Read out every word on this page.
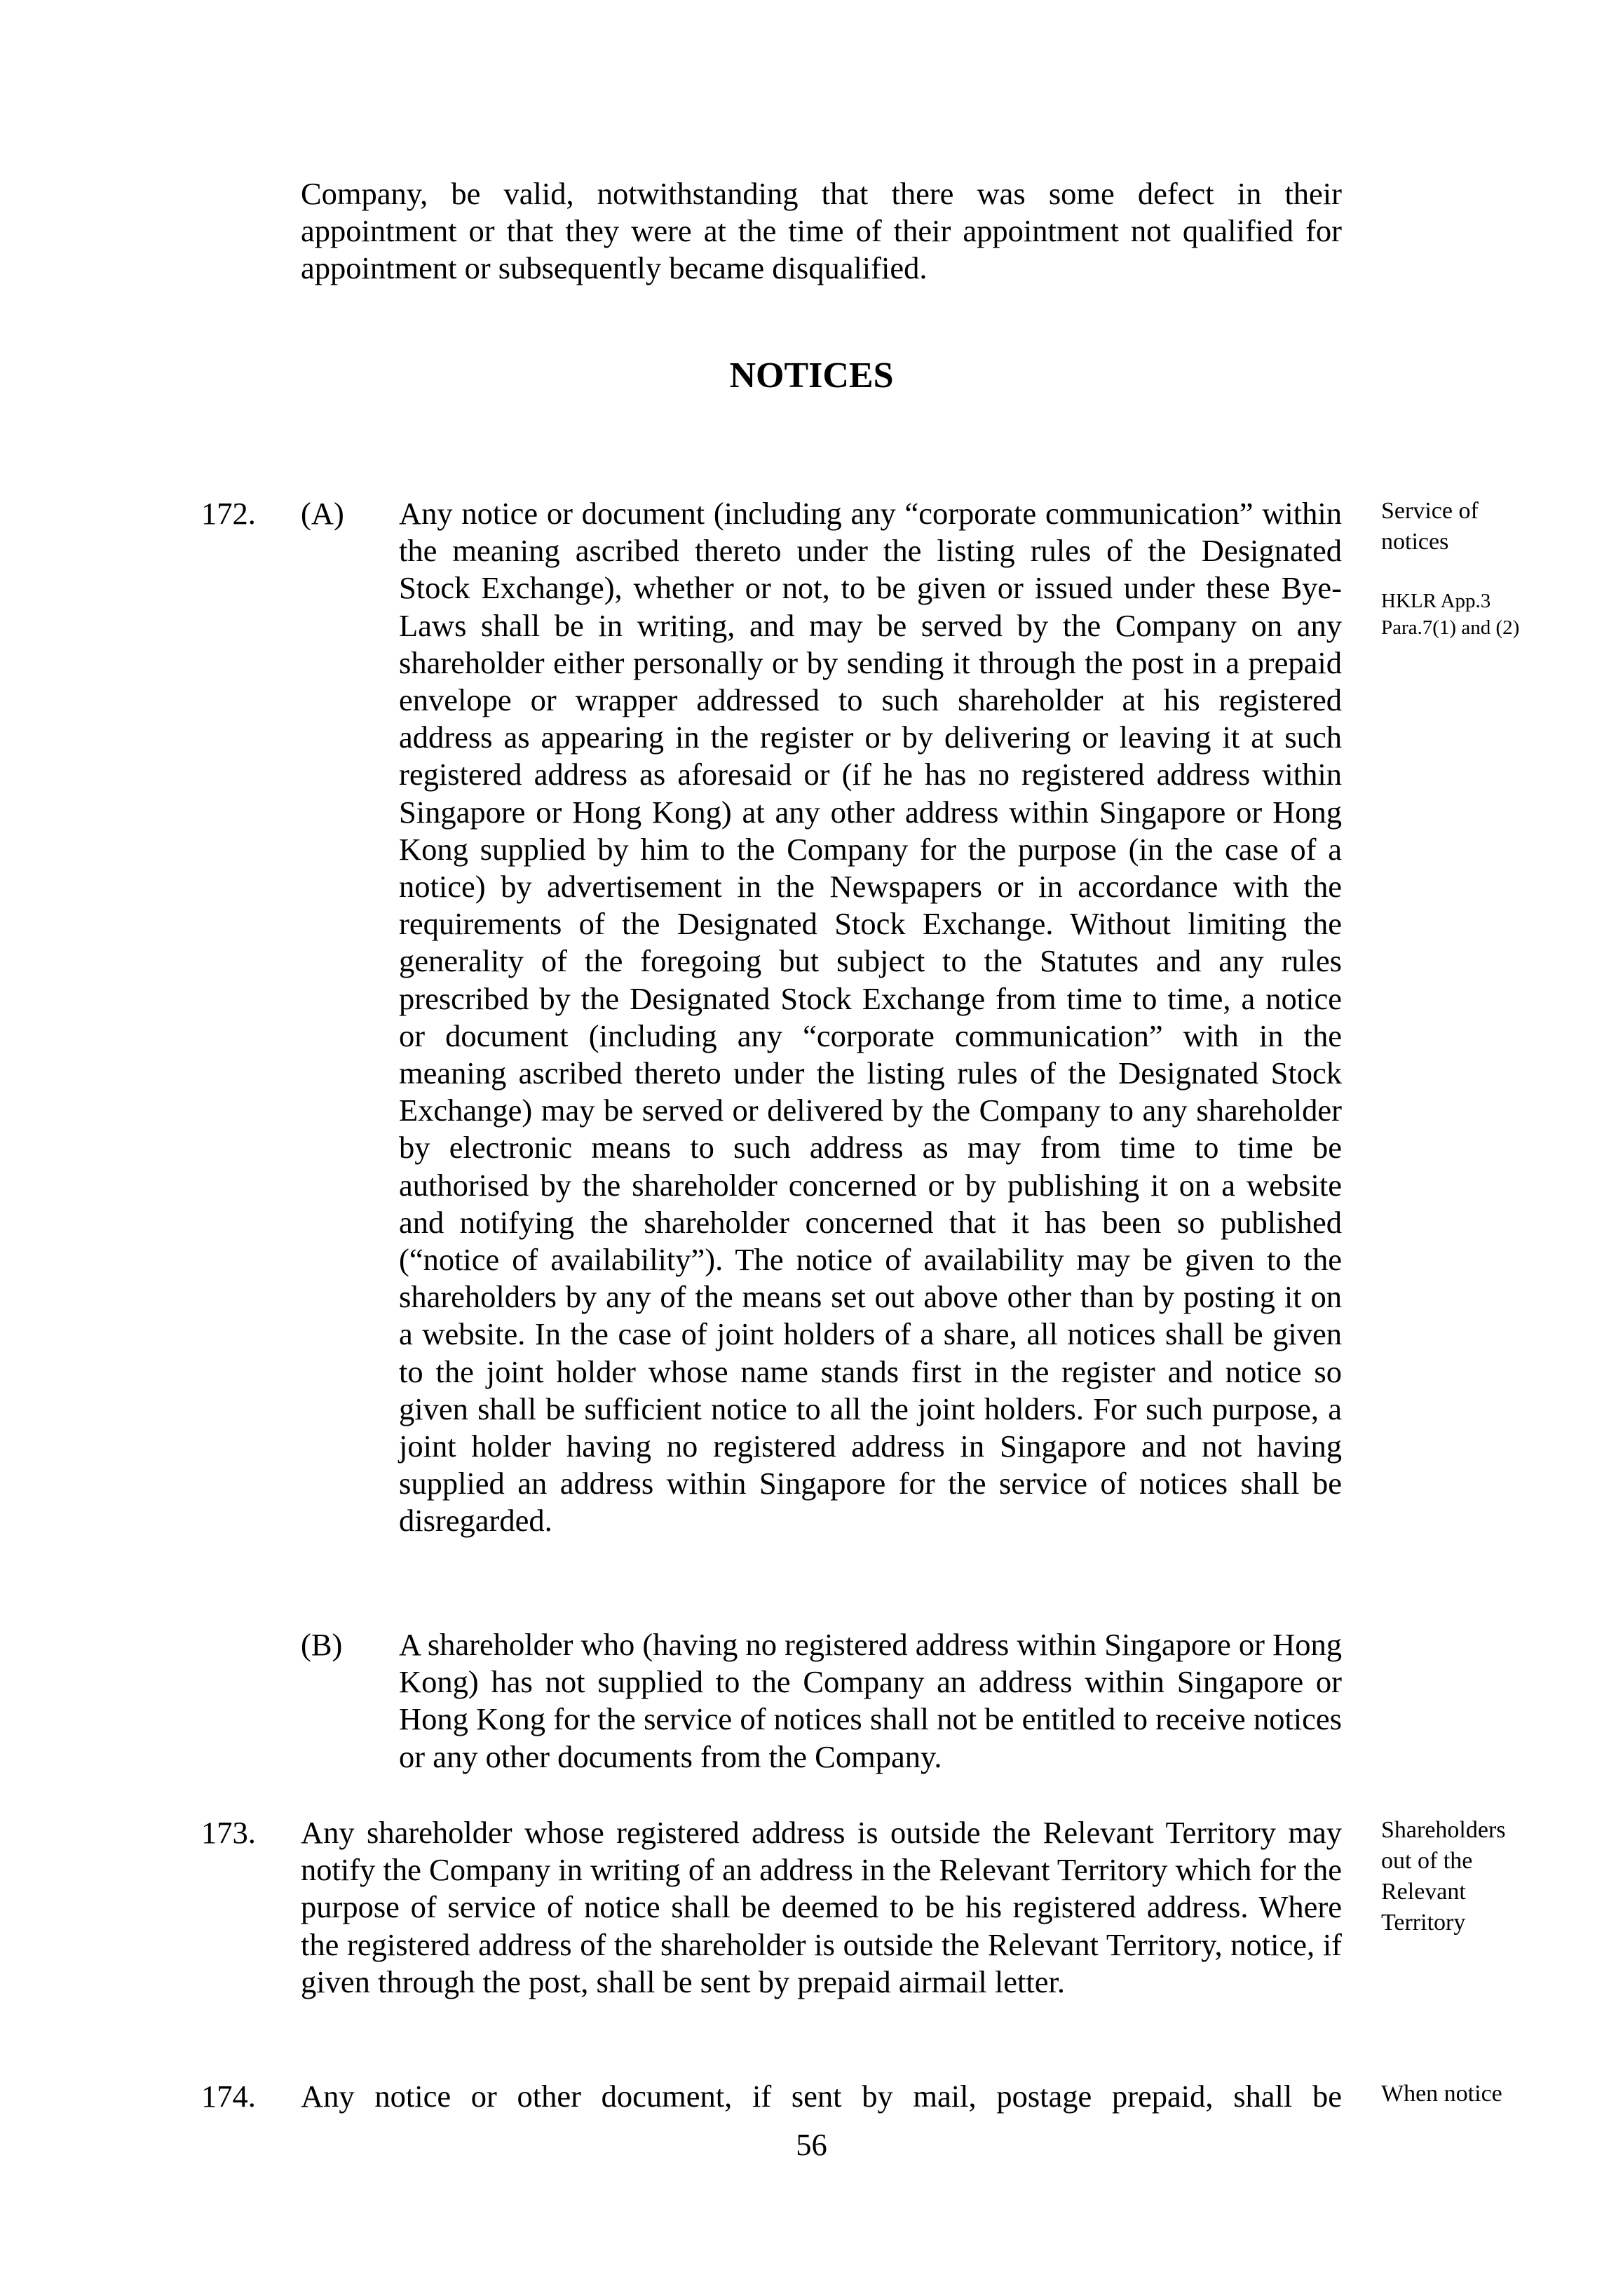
Company, be valid, notwithstanding that there was some defect in their appointment or that they were at the time of their appointment not qualified for appointment or subsequently became disqualified.

NOTICES
172. (A) Any notice or document (including any “corporate communication” within the meaning ascribed thereto under the listing rules of the Designated Stock Exchange), whether or not, to be given or issued under these Bye-Laws shall be in writing, and may be served by the Company on any shareholder either personally or by sending it through the post in a prepaid envelope or wrapper addressed to such shareholder at his registered address as appearing in the register or by delivering or leaving it at such registered address as aforesaid or (if he has no registered address within Singapore or Hong Kong) at any other address within Singapore or Hong Kong supplied by him to the Company for the purpose (in the case of a notice) by advertisement in the Newspapers or in accordance with the requirements of the Designated Stock Exchange. Without limiting the generality of the foregoing but subject to the Statutes and any rules prescribed by the Designated Stock Exchange from time to time, a notice or document (including any “corporate communication” with in the meaning ascribed thereto under the listing rules of the Designated Stock Exchange) may be served or delivered by the Company to any shareholder by electronic means to such address as may from time to time be authorised by the shareholder concerned or by publishing it on a website and notifying the shareholder concerned that it has been so published (“notice of availability”). The notice of availability may be given to the shareholders by any of the means set out above other than by posting it on a website. In the case of joint holders of a share, all notices shall be given to the joint holder whose name stands first in the register and notice so given shall be sufficient notice to all the joint holders. For such purpose, a joint holder having no registered address in Singapore and not having supplied an address within Singapore for the service of notices shall be disregarded.

Service of notices
HKLR App.3 Para.7(1) and (2)
(B) A shareholder who (having no registered address within Singapore or Hong Kong) has not supplied to the Company an address within Singapore or Hong Kong for the service of notices shall not be entitled to receive notices or any other documents from the Company.

173. Any shareholder whose registered address is outside the Relevant Territory may notify the Company in writing of an address in the Relevant Territory which for the purpose of service of notice shall be deemed to be his registered address. Where the registered address of the shareholder is outside the Relevant Territory, notice, if given through the post, shall be sent by prepaid airmail letter.

Shareholders out of the Relevant Territory
174. Any notice or other document, if sent by mail, postage prepaid, shall be When notice
56
